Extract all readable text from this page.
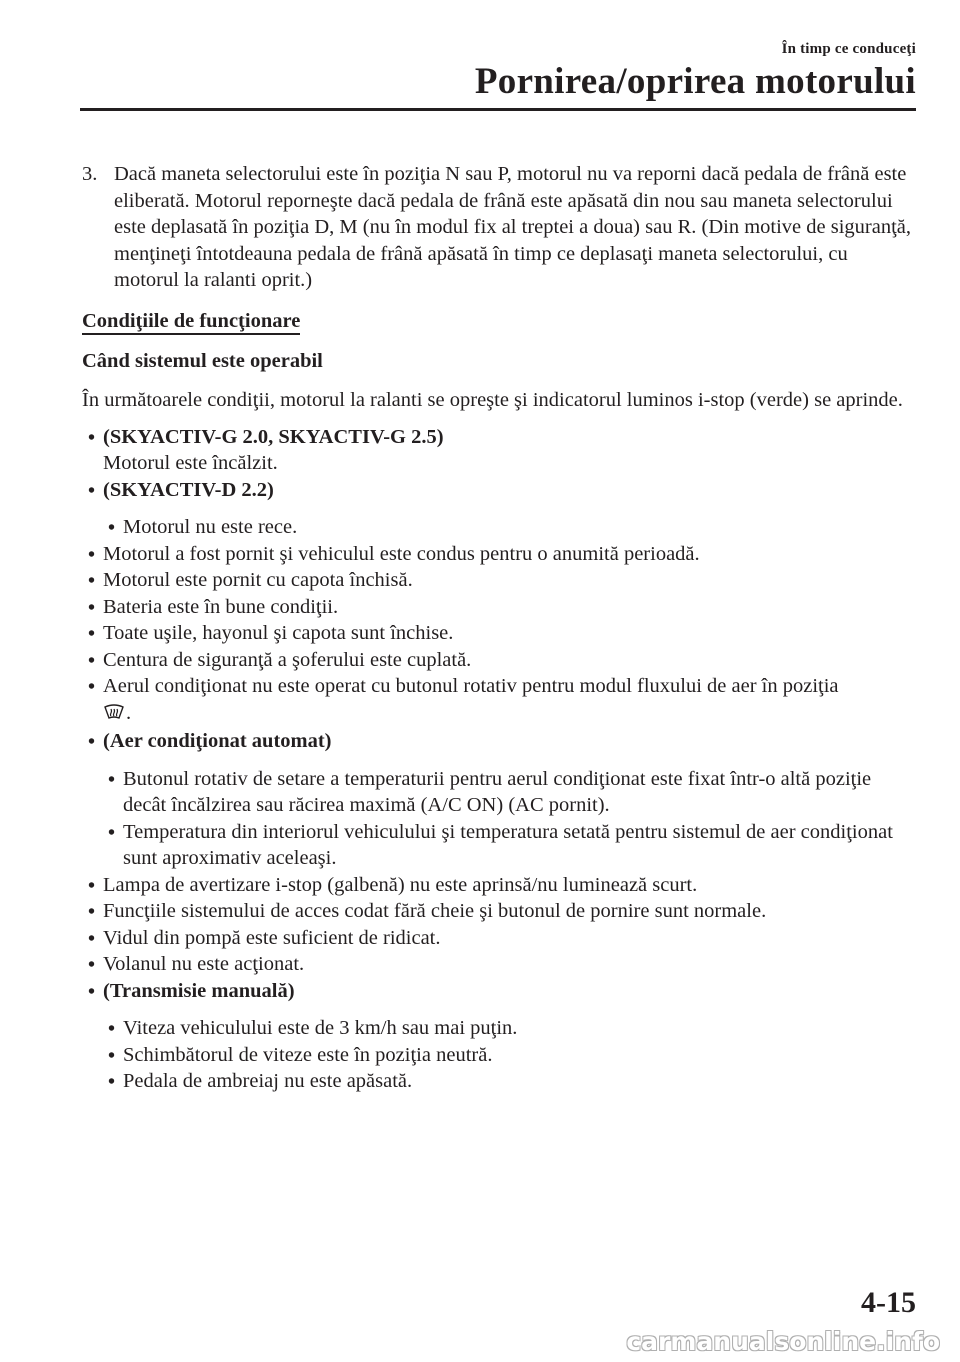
În timp ce conduceţi
Pornirea/oprirea motorului
3. Dacă maneta selectorului este în poziţia N sau P, motorul nu va reporni dacă pedala de frână este eliberată. Motorul reporneşte dacă pedala de frână este apăsată din nou sau maneta selectorului este deplasată în poziţia D, M (nu în modul fix al treptei a doua) sau R. (Din motive de siguranţă, menţineţi întotdeauna pedala de frână apăsată în timp ce deplasaţi maneta selectorului, cu motorul la ralanti oprit.)
Condiţiile de funcţionare
Când sistemul este operabil
În următoarele condiţii, motorul la ralanti se opreşte şi indicatorul luminos i-stop (verde) se aprinde.
• (SKYACTIV-G 2.0, SKYACTIV-G 2.5)
Motorul este încălzit.
• (SKYACTIV-D 2.2)
• Motorul nu este rece.
• Motorul a fost pornit şi vehiculul este condus pentru o anumită perioadă.
• Motorul este pornit cu capota închisă.
• Bateria este în bune condiţii.
• Toate uşile, hayonul şi capota sunt închise.
• Centura de siguranţă a şoferului este cuplată.
• Aerul condiţionat nu este operat cu butonul rotativ pentru modul fluxului de aer în poziţia
.
• (Aer condiţionat automat)
• Butonul rotativ de setare a temperaturii pentru aerul condiţionat este fixat într-o altă poziţie decât încălzirea sau răcirea maximă (A/C ON) (AC pornit).
• Temperatura din interiorul vehiculului şi temperatura setată pentru sistemul de aer condiţionat sunt aproximativ aceleaşi.
• Lampa de avertizare i-stop (galbenă) nu este aprinsă/nu luminează scurt.
• Funcţiile sistemului de acces codat fără cheie şi butonul de pornire sunt normale.
• Vidul din pompă este suficient de ridicat.
• Volanul nu este acţionat.
• (Transmisie manuală)
• Viteza vehiculului este de 3 km/h sau mai puţin.
• Schimbătorul de viteze este în poziţia neutră.
• Pedala de ambreiaj nu este apăsată.
4-15
carmanualsonline.info
